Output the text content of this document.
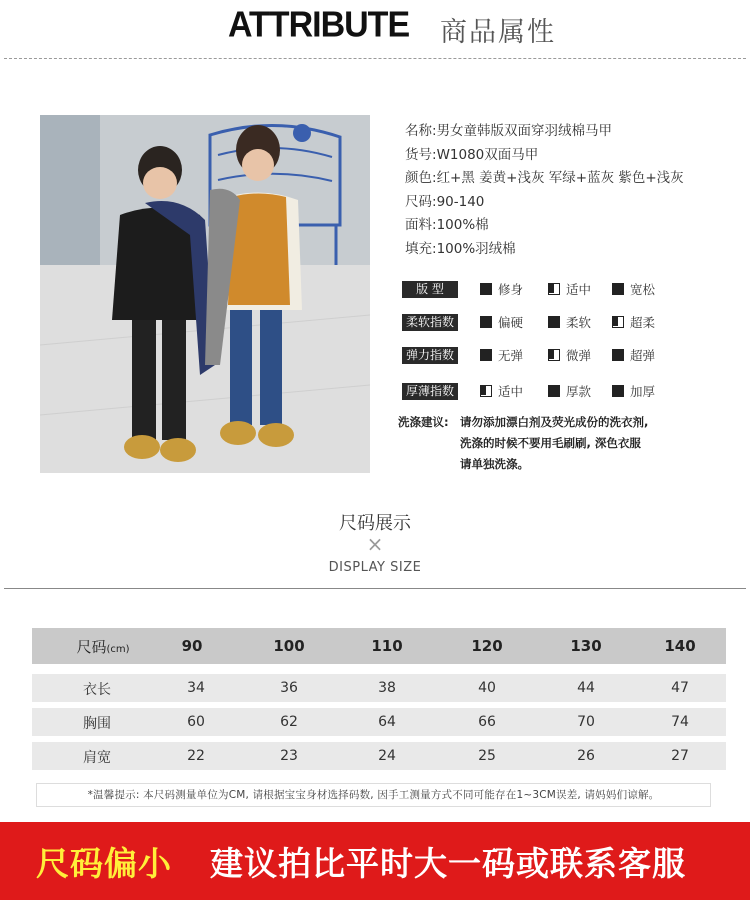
ATTRIBUTE 商品属性
名称:男女童韩版双面穿羽绒棉马甲
货号:W1080双面马甲
颜色:红+黑 姜黄+浅灰 军绿+蓝灰 紫色+浅灰
尺码:90-140
面料:100%棉
填充:100%羽绒棉
版 型	修身	适中	宽松
柔软指数	偏硬	柔软	超柔
弹力指数	无弹	微弹	超弹
厚薄指数	适中	厚款	加厚
洗涤建议: 请勿添加漂白剂及荧光成份的洗衣剂,
洗涤的时候不要用毛刷刷, 深色衣服
请单独洗涤。
尺码展示
×
DISPLAY SIZE
尺码(cm)	90	100	110	120	130	140
衣长	34	36	38	40	44	47
胸围	60	62	64	66	70	74
肩宽	22	23	24	25	26	27
*温馨提示: 本尺码测量单位为CM, 请根据宝宝身材选择码数, 因手工测量方式不同可能存在1~3CM误差, 请妈妈们谅解。
尺码偏小 建议拍比平时大一码或联系客服
